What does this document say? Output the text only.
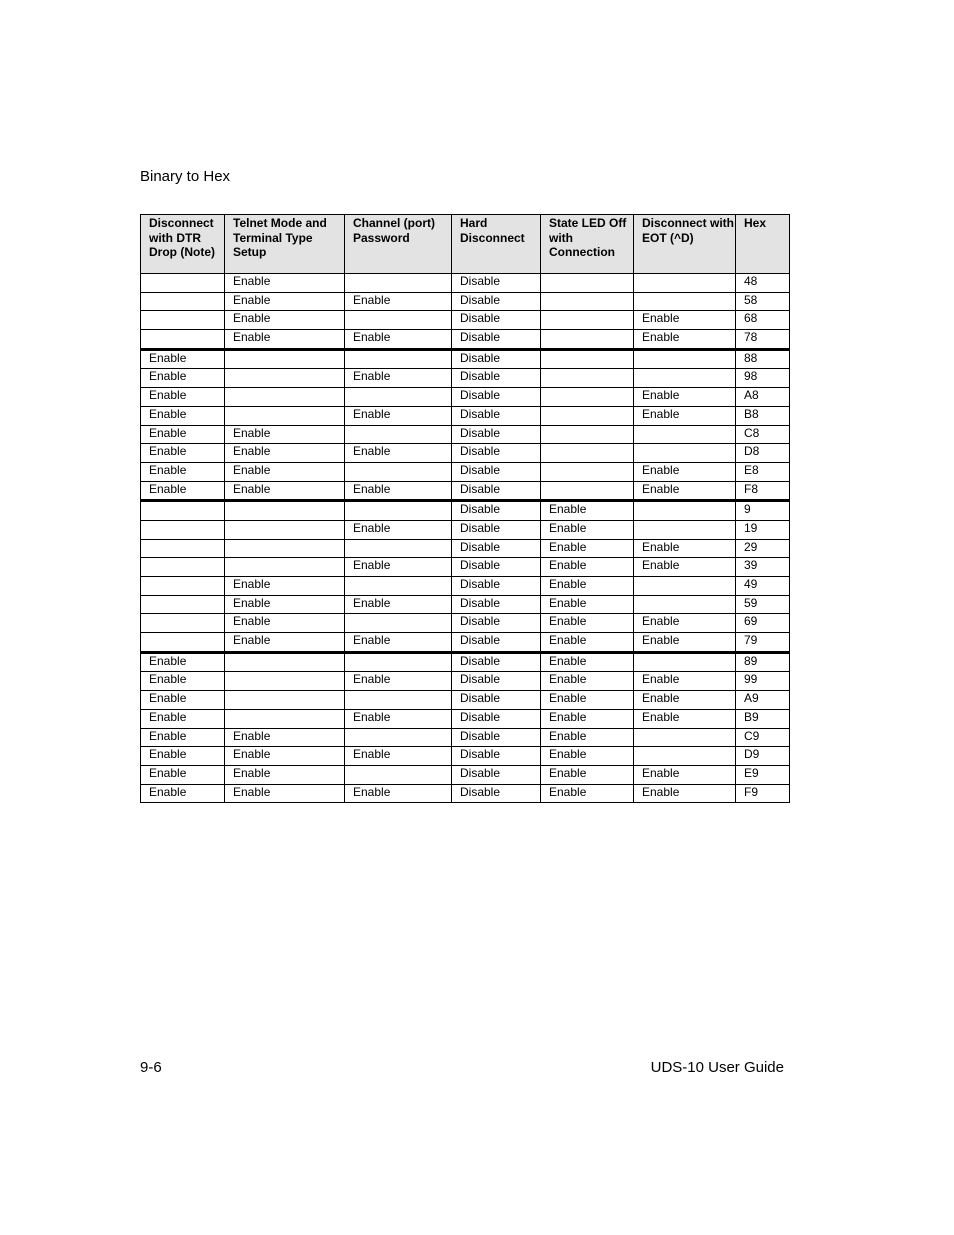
Binary to Hex
Disconnect with DTR Drop (Note)	Telnet Mode and Terminal Type Setup	Channel (port) Password	Hard Disconnect	State LED Off with Connection	Disconnect with EOT (^D)	Hex
	Enable		Disable			48
	Enable	Enable	Disable			58
	Enable		Disable		Enable	68
	Enable	Enable	Disable		Enable	78
Enable			Disable			88
Enable		Enable	Disable			98
Enable			Disable		Enable	A8
Enable		Enable	Disable		Enable	B8
Enable	Enable		Disable			C8
Enable	Enable	Enable	Disable			D8
Enable	Enable		Disable		Enable	E8
Enable	Enable	Enable	Disable		Enable	F8
			Disable	Enable		9
		Enable	Disable	Enable		19
			Disable	Enable	Enable	29
		Enable	Disable	Enable	Enable	39
	Enable		Disable	Enable		49
	Enable	Enable	Disable	Enable		59
	Enable		Disable	Enable	Enable	69
	Enable	Enable	Disable	Enable	Enable	79
Enable			Disable	Enable		89
Enable		Enable	Disable	Enable	Enable	99
Enable			Disable	Enable	Enable	A9
Enable		Enable	Disable	Enable	Enable	B9
Enable	Enable		Disable	Enable		C9
Enable	Enable	Enable	Disable	Enable		D9
Enable	Enable		Disable	Enable	Enable	E9
Enable	Enable	Enable	Disable	Enable	Enable	F9
9-6	UDS-10 User Guide
